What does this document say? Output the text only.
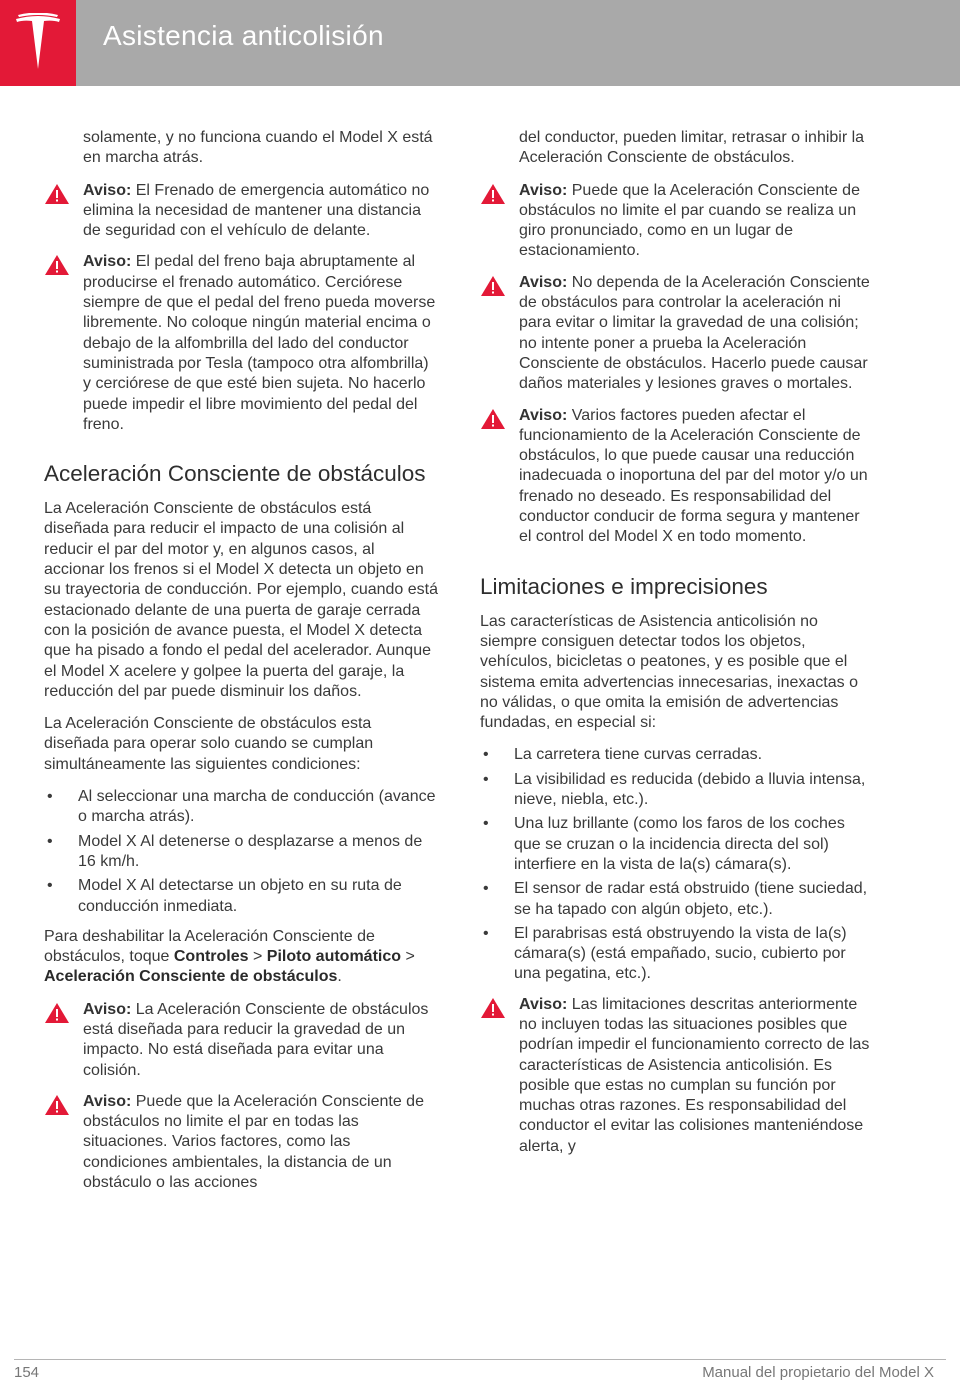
Asistencia anticolisión

solamente, y no funciona cuando el Model X está en marcha atrás.

Aviso: El Frenado de emergencia automático no elimina la necesidad de mantener una distancia de seguridad con el vehículo de delante.
Aviso: El pedal del freno baja abruptamente al producirse el frenado automático. Cerciórese siempre de que el pedal del freno pueda moverse libremente. No coloque ningún material encima o debajo de la alfombrilla del lado del conductor suministrada por Tesla (tampoco otra alfombrilla) y cerciórese de que esté bien sujeta. No hacerlo puede impedir el libre movimiento del pedal del freno.
Aceleración Consciente de obstáculos

La Aceleración Consciente de obstáculos está diseñada para reducir el impacto de una colisión al reducir el par del motor y, en algunos casos, al accionar los frenos si el Model X detecta un objeto en su trayectoria de conducción. Por ejemplo, cuando está estacionado delante de una puerta de garaje cerrada con la posición de avance puesta, el Model X detecta que ha pisado a fondo el pedal del acelerador. Aunque el Model X acelere y golpee la puerta del garaje, la reducción del par puede disminuir los daños.

La Aceleración Consciente de obstáculos esta diseñada para operar solo cuando se cumplan simultáneamente las siguientes condiciones:

• Al seleccionar una marcha de conducción (avance o marcha atrás).
• Model X Al detenerse o desplazarse a menos de 16 km/h.
• Model X Al detectarse un objeto en su ruta de conducción inmediata.

Para deshabilitar la Aceleración Consciente de obstáculos, toque Controles > Piloto automático > Aceleración Consciente de obstáculos.

Aviso: La Aceleración Consciente de obstáculos está diseñada para reducir la gravedad de un impacto. No está diseñada para evitar una colisión.
Aviso: Puede que la Aceleración Consciente de obstáculos no limite el par en todas las situaciones. Varios factores, como las condiciones ambientales, la distancia de un obstáculo o las acciones

del conductor, pueden limitar, retrasar o inhibir la Aceleración Consciente de obstáculos.

Aviso: Puede que la Aceleración Consciente de obstáculos no limite el par cuando se realiza un giro pronunciado, como en un lugar de estacionamiento.
Aviso: No dependa de la Aceleración Consciente de obstáculos para controlar la aceleración ni para evitar o limitar la gravedad de una colisión; no intente poner a prueba la Aceleración Consciente de obstáculos. Hacerlo puede causar daños materiales y lesiones graves o mortales.
Aviso: Varios factores pueden afectar el funcionamiento de la Aceleración Consciente de obstáculos, lo que puede causar una reducción inadecuada o inoportuna del par del motor y/o un frenado no deseado. Es responsabilidad del conductor conducir de forma segura y mantener el control del Model X en todo momento.
Limitaciones e imprecisiones

Las características de Asistencia anticolisión no siempre consiguen detectar todos los objetos, vehículos, bicicletas o peatones, y es posible que el sistema emita advertencias innecesarias, inexactas o no válidas, o que omita la emisión de advertencias fundadas, en especial si:

• La carretera tiene curvas cerradas.
• La visibilidad es reducida (debido a lluvia intensa, nieve, niebla, etc.).
• Una luz brillante (como los faros de los coches que se cruzan o la incidencia directa del sol) interfiere en la vista de la(s) cámara(s).
• El sensor de radar está obstruido (tiene suciedad, se ha tapado con algún objeto, etc.).
• El parabrisas está obstruyendo la vista de la(s) cámara(s) (está empañado, sucio, cubierto por una pegatina, etc.).
Aviso: Las limitaciones descritas anteriormente no incluyen todas las situaciones posibles que podrían impedir el funcionamiento correcto de las características de Asistencia anticolisión. Es posible que estas no cumplan su función por muchas otras razones. Es responsabilidad del conductor el evitar las colisiones manteniéndose alerta, y
154	Manual del propietario del Model X
